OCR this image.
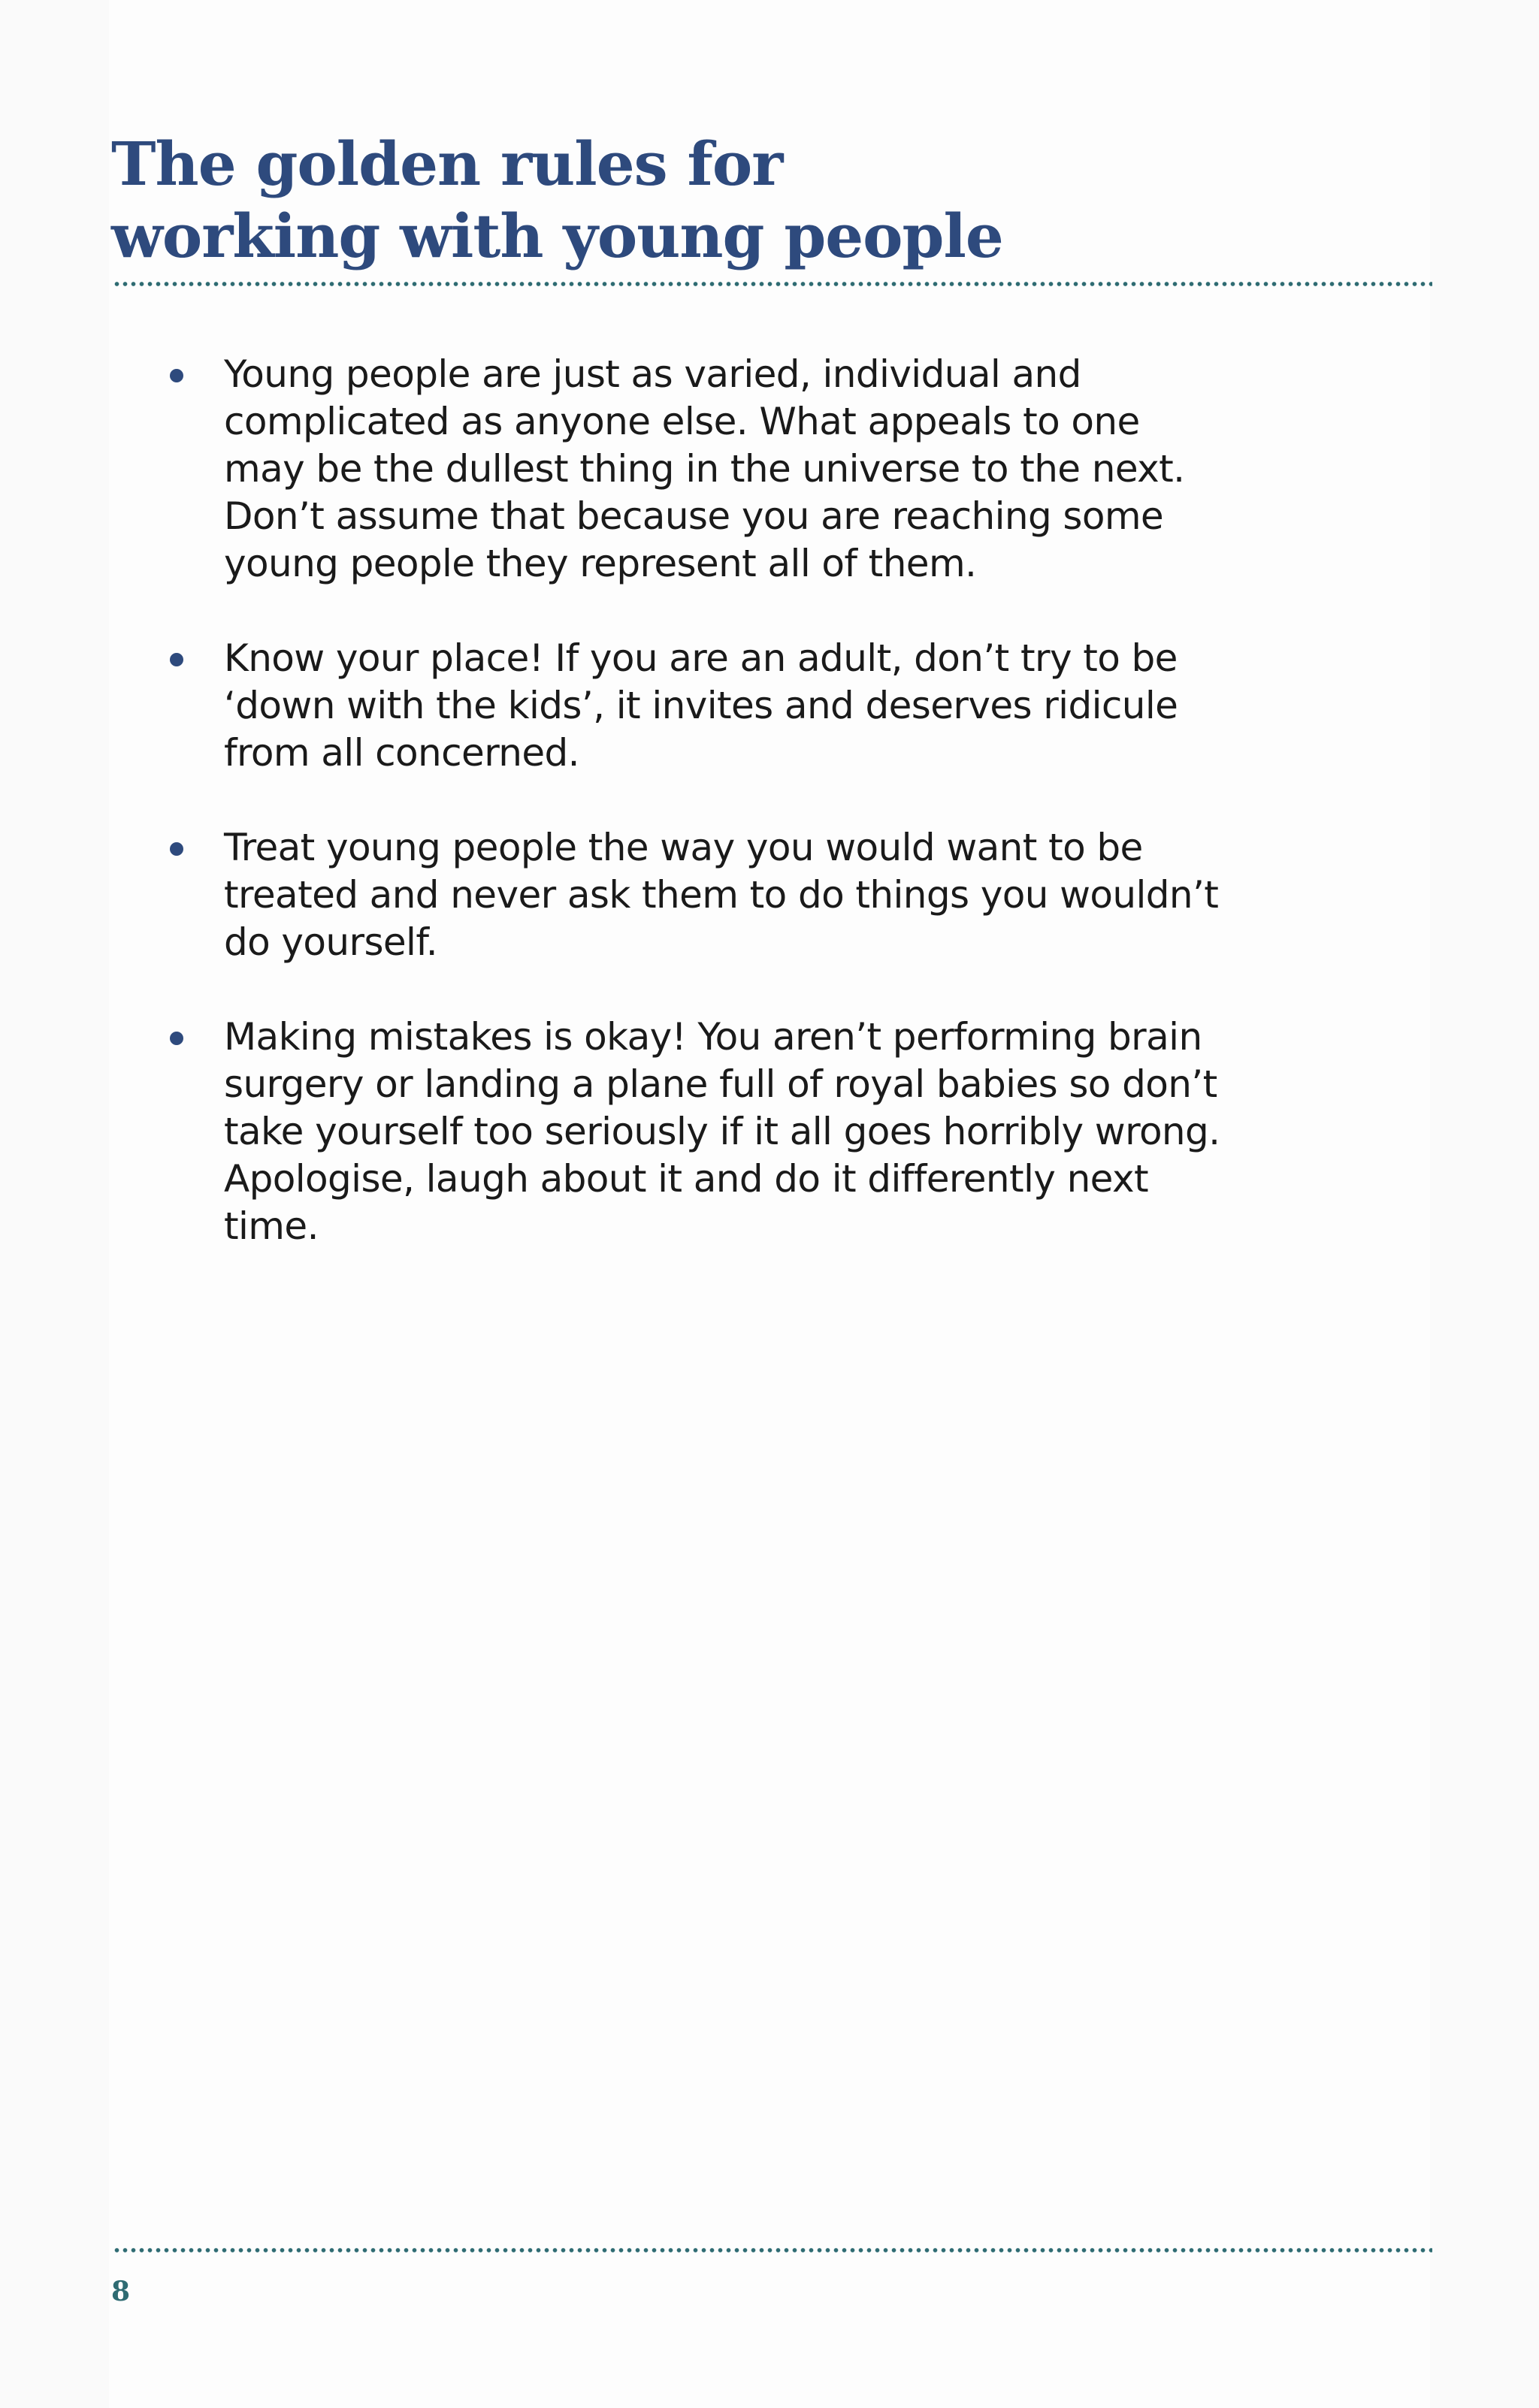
The golden rules for
working with young people
Young people are just as varied, individual and complicated as anyone else. What appeals to one may be the dullest thing in the universe to the next. Don’t assume that because you are reaching some young people they represent all of them.
Know your place! If you are an adult, don’t try to be ‘down with the kids’, it invites and deserves ridicule from all concerned.
Treat young people the way you would want to be treated and never ask them to do things you wouldn’t do yourself.
Making mistakes is okay! You aren’t performing brain surgery or landing a plane full of royal babies so don’t take yourself too seriously if it all goes horribly wrong. Apologise, laugh about it and do it differently next time.
8
